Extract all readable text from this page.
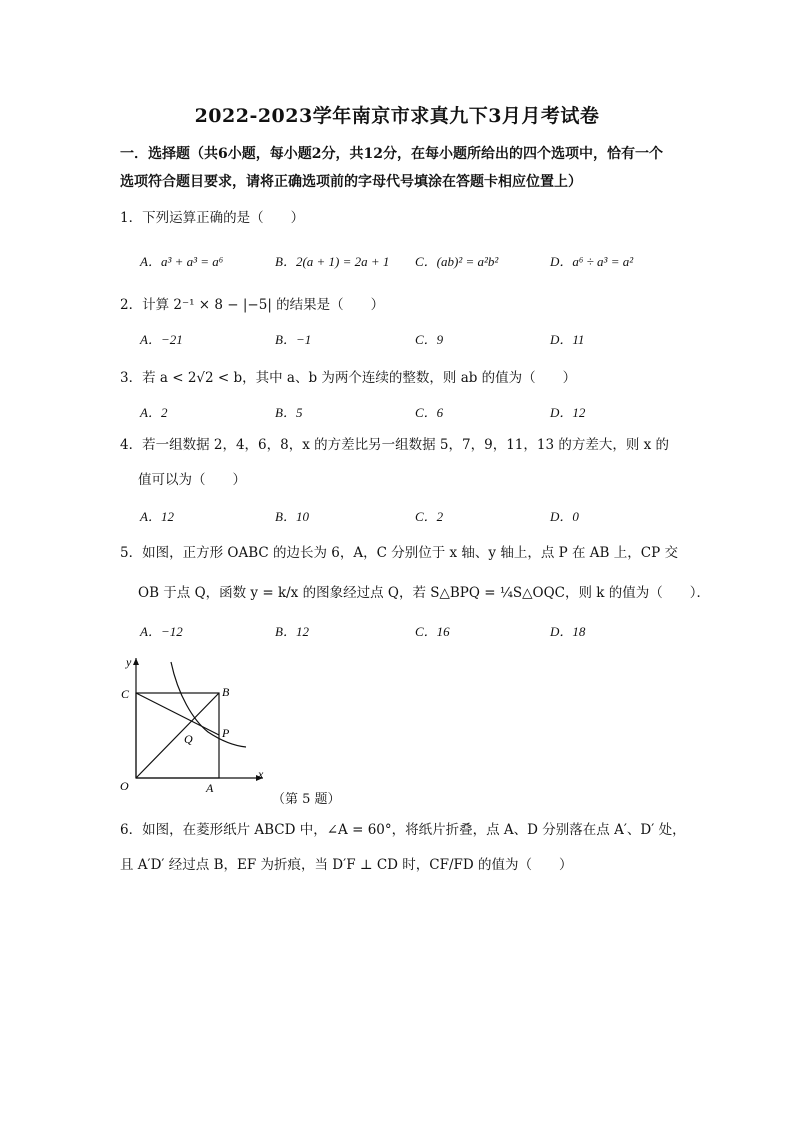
2022-2023学年南京市求真九下3月月考试卷
一．选择题（共6小题，每小题2分，共12分，在每小题所给出的四个选项中，恰有一个
选项符合题目要求，请将正确选项前的字母代号填涂在答题卡相应位置上）
1．下列运算正确的是（　　）
A．a³ + a³ = a⁶	B．2(a + 1) = 2a + 1 C．(ab)² = a²b²	D．a⁶ ÷ a³ = a²
2．计算 2⁻¹ × 8 − |−5| 的结果是（　　）
A．−21	B．−1	C．9	D．11
3．若 a < 2√2 < b，其中 a、b 为两个连续的整数，则 ab 的值为（　　）
A．2	B．5	C．6	D．12
4．若一组数据 2，4，6，8，x 的方差比另一组数据 5，7，9，11，13 的方差大，则 x 的
值可以为（　　）
A．12	B．10	C．2	D．0
5．如图，正方形 OABC 的边长为 6，A，C 分别位于 x 轴、y 轴上，点 P 在 AB 上，CP 交
OB 于点 Q，函数 y = k/x 的图象经过点 Q，若 S△BPQ = ¼S△OQC，则 k 的值为（　　）．
A．−12	B．12	C．16	D．18
y
x
C	B
Q P
O	A
（第 5 题）
6．如图，在菱形纸片 ABCD 中，∠A = 60°，将纸片折叠，点 A、D 分别落在点 A′、D′ 处，
且 A′D′ 经过点 B，EF 为折痕，当 D′F ⊥ CD 时，CF/FD 的值为（　　）
